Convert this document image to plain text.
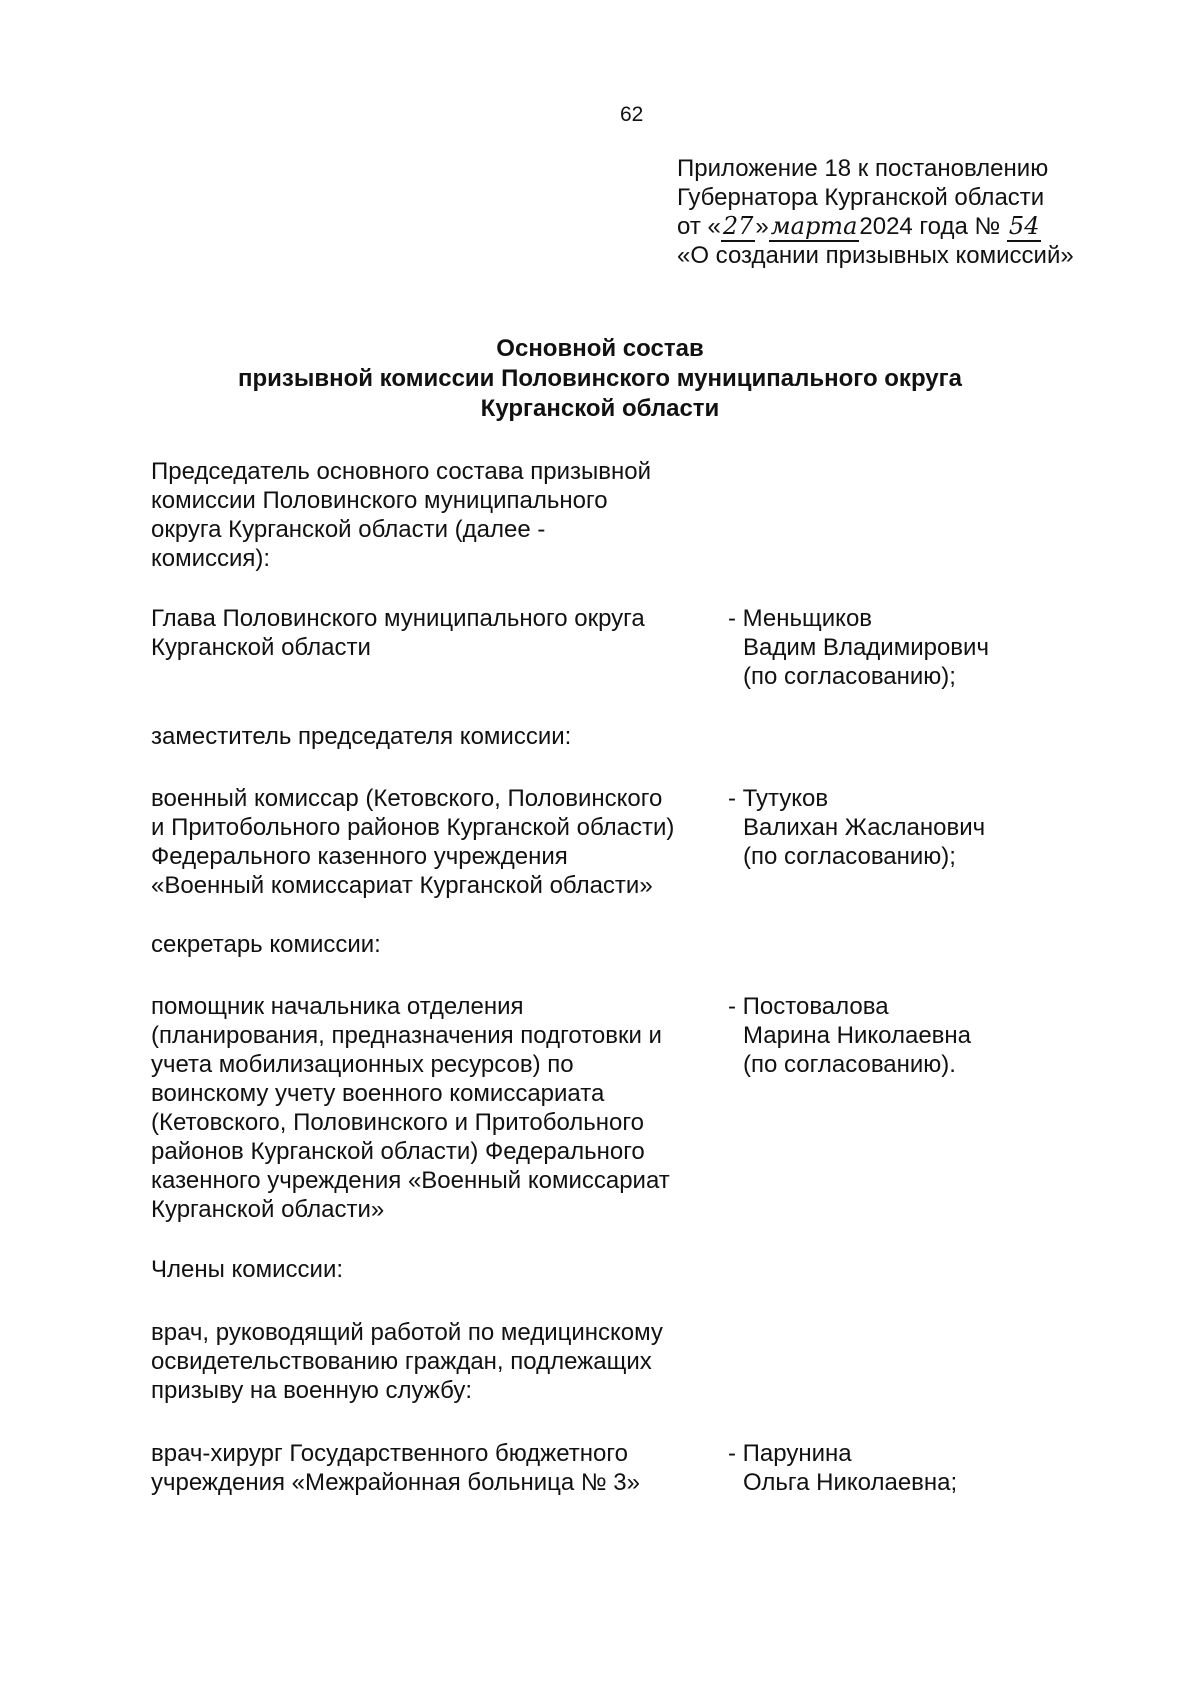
62
Приложение 18 к постановлению
Губернатора Курганской области
от «27»марта2024 года № 54
«О создании призывных комиссий»
Основной состав
призывной комиссии Половинского муниципального округа
Курганской области
Председатель основного состава призывной
комиссии Половинского муниципального
округа Курганской области (далее -
комиссия):
Глава Половинского муниципального округа
Курганской области
- Меньщиков
Вадим Владимирович
(по согласованию);
заместитель председателя комиссии:
военный комиссар (Кетовского, Половинского
и Притобольного районов Курганской области)
Федерального казенного учреждения
«Военный комиссариат Курганской области»
- Тутуков
Валихан Жасланович
(по согласованию);
секретарь комиссии:
помощник начальника отделения
(планирования, предназначения подготовки и
учета мобилизационных ресурсов) по
воинскому учету военного комиссариата
(Кетовского, Половинского и Притобольного
районов Курганской области) Федерального
казенного учреждения «Военный комиссариат
Курганской области»
- Постовалова
Марина Николаевна
(по согласованию).
Члены комиссии:
врач, руководящий работой по медицинскому
освидетельствованию граждан, подлежащих
призыву на военную службу:
врач-хирург Государственного бюджетного
учреждения «Межрайонная больница № 3»
- Парунина
Ольга Николаевна;
